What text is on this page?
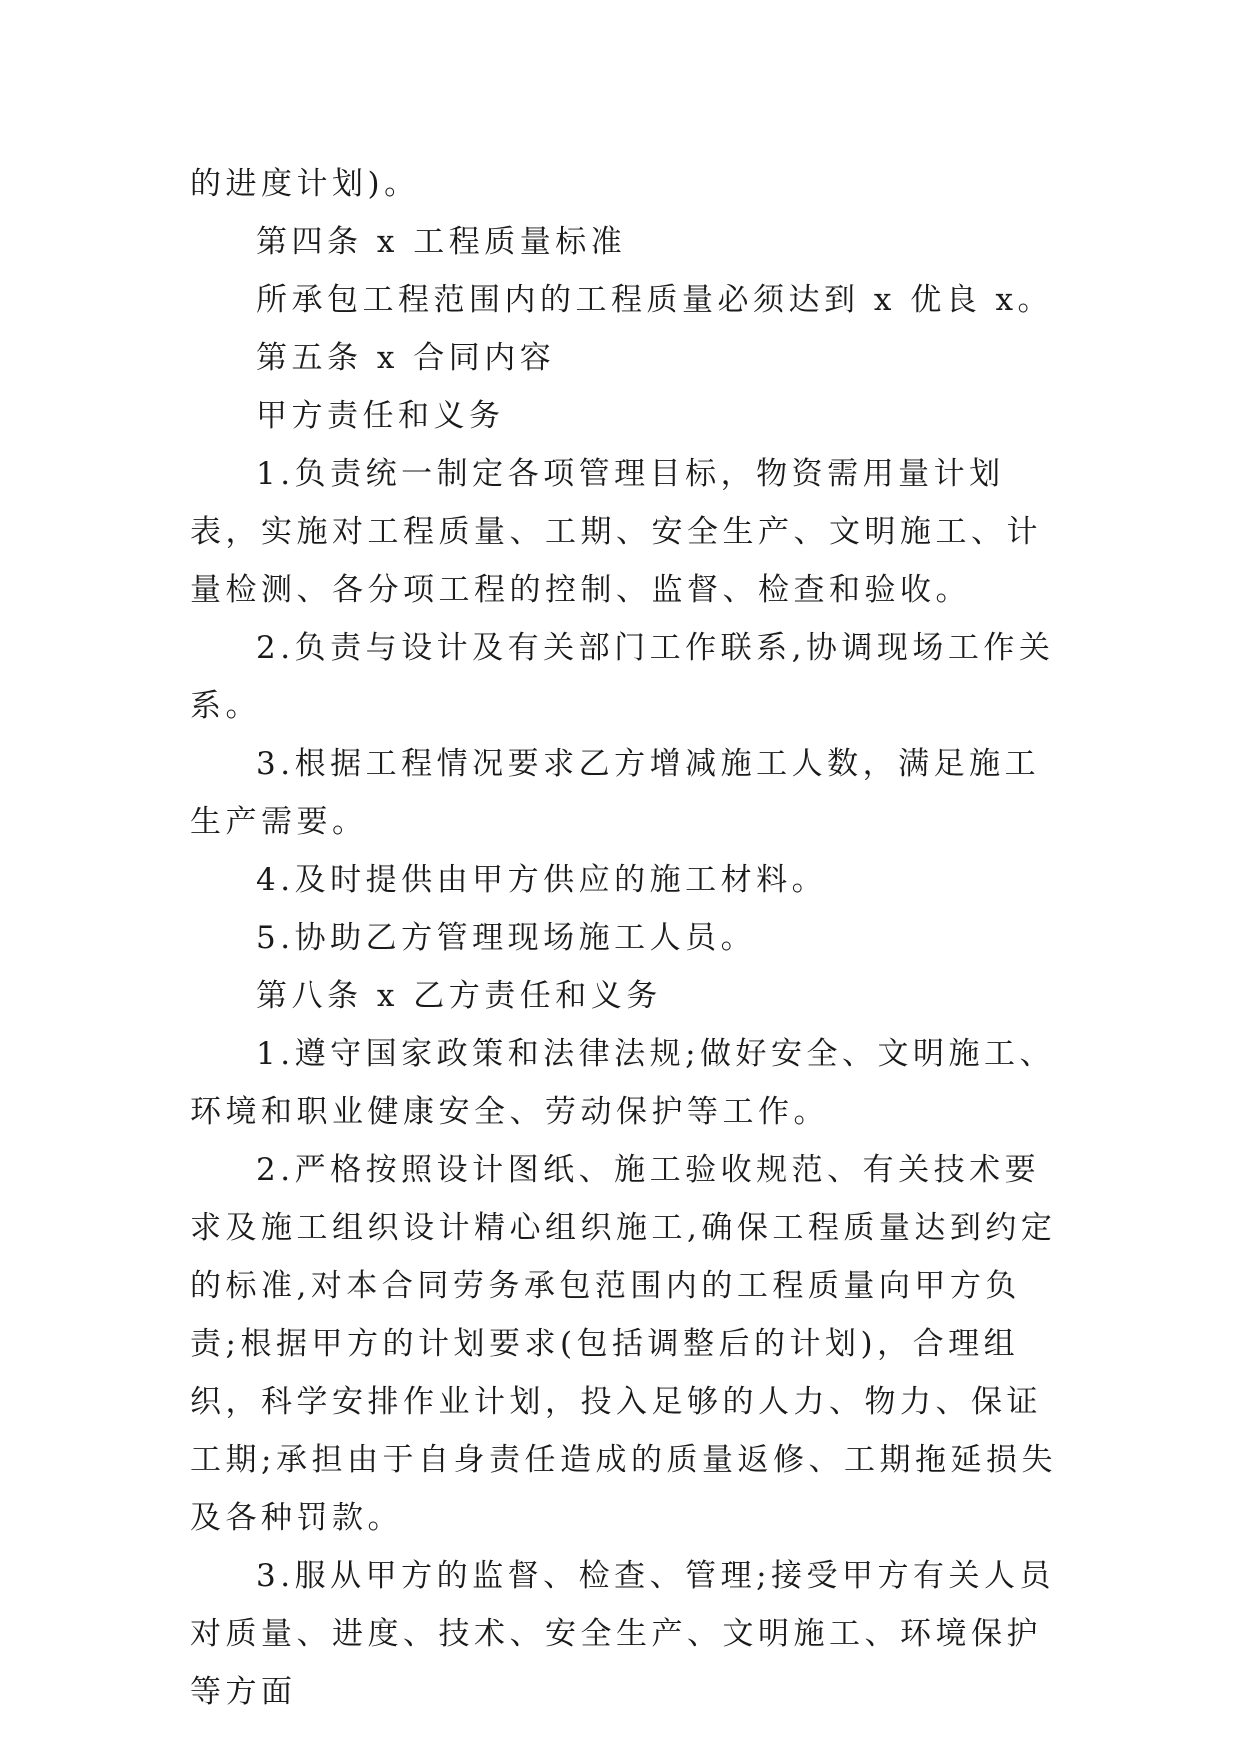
的进度计划)。

第四条 x 工程质量标准

所承包工程范围内的工程质量必须达到 x 优良 x。

第五条 x 合同内容

甲方责任和义务

1.负责统一制定各项管理目标，物资需用量计划表，实施对工程质量、工期、安全生产、文明施工、计量检测、各分项工程的控制、监督、检查和验收。

2.负责与设计及有关部门工作联系,协调现场工作关系。

3.根据工程情况要求乙方增减施工人数，满足施工生产需要。

4.及时提供由甲方供应的施工材料。

5.协助乙方管理现场施工人员。

第八条 x 乙方责任和义务

1.遵守国家政策和法律法规;做好安全、文明施工、环境和职业健康安全、劳动保护等工作。

2.严格按照设计图纸、施工验收规范、有关技术要求及施工组织设计精心组织施工,确保工程质量达到约定的标准,对本合同劳务承包范围内的工程质量向甲方负责;根据甲方的计划要求(包括调整后的计划)，合理组织，科学安排作业计划，投入足够的人力、物力、保证工期;承担由于自身责任造成的质量返修、工期拖延损失及各种罚款。

3.服从甲方的监督、检查、管理;接受甲方有关人员对质量、进度、技术、安全生产、文明施工、环境保护等方面
